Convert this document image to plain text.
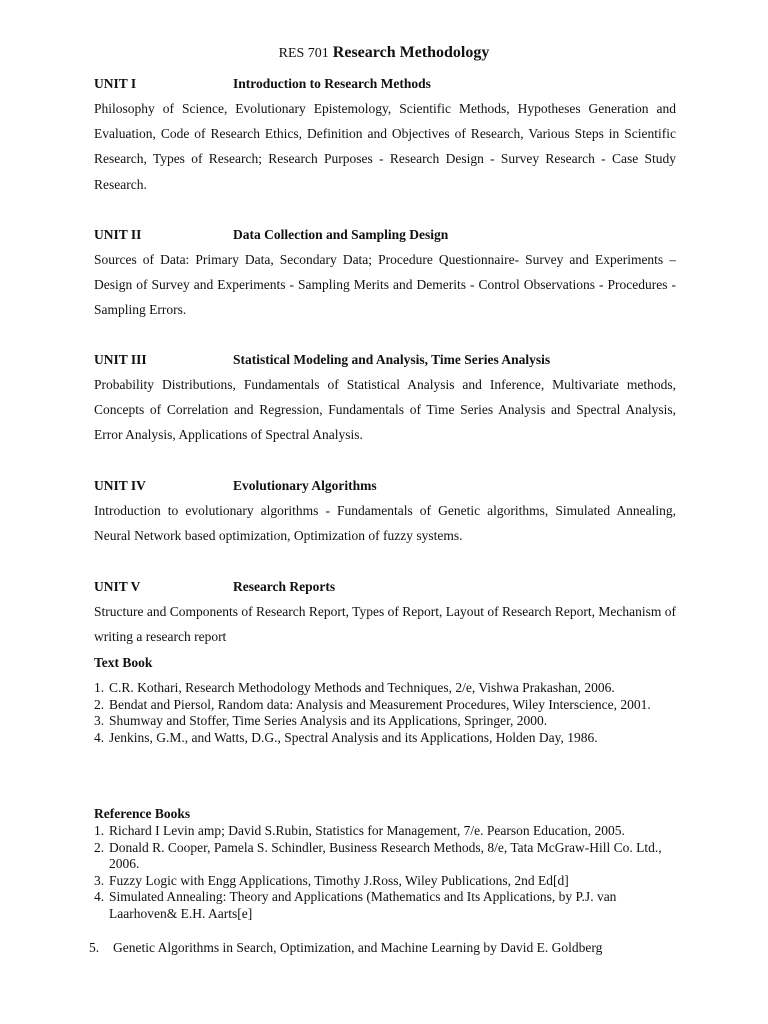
RES 701 Research Methodology
UNIT I	Introduction to Research Methods

Philosophy of Science, Evolutionary Epistemology, Scientific Methods, Hypotheses Generation and Evaluation, Code of Research Ethics, Definition and Objectives of Research, Various Steps in Scientific Research, Types of Research; Research Purposes - Research Design - Survey Research - Case Study Research.

UNIT II	Data Collection and Sampling Design

Sources of Data: Primary Data, Secondary Data; Procedure Questionnaire- Survey and Experiments – Design of Survey and Experiments - Sampling Merits and Demerits - Control Observations - Procedures - Sampling Errors.

UNIT III	Statistical Modeling and Analysis, Time Series Analysis

Probability Distributions, Fundamentals of Statistical Analysis and Inference, Multivariate methods, Concepts of Correlation and Regression, Fundamentals of Time Series Analysis and Spectral Analysis, Error Analysis, Applications of Spectral Analysis.

UNIT IV	Evolutionary Algorithms

Introduction to evolutionary algorithms - Fundamentals of Genetic algorithms, Simulated Annealing, Neural Network based optimization, Optimization of fuzzy systems.

UNIT V	Research Reports

Structure and Components of Research Report, Types of Report, Layout of Research Report, Mechanism of writing a research report

Text Book
1. C.R. Kothari, Research Methodology Methods and Techniques, 2/e, Vishwa Prakashan, 2006.
2. Bendat and Piersol, Random data: Analysis and Measurement Procedures, Wiley Interscience, 2001.
3. Shumway and Stoffer, Time Series Analysis and its Applications, Springer, 2000.
4. Jenkins, G.M., and Watts, D.G., Spectral Analysis and its Applications, Holden Day, 1986.
Reference Books
1. Richard I Levin amp; David S.Rubin, Statistics for Management, 7/e. Pearson Education, 2005.
2. Donald R. Cooper, Pamela S. Schindler, Business Research Methods, 8/e, Tata McGraw-Hill Co. Ltd., 2006.
3. Fuzzy Logic with Engg Applications, Timothy J.Ross, Wiley Publications, 2nd Ed[d]
4. Simulated Annealing: Theory and Applications (Mathematics and Its Applications, by P.J. van Laarhoven& E.H. Aarts[e]

5. Genetic Algorithms in Search, Optimization, and Machine Learning by David E. Goldberg
